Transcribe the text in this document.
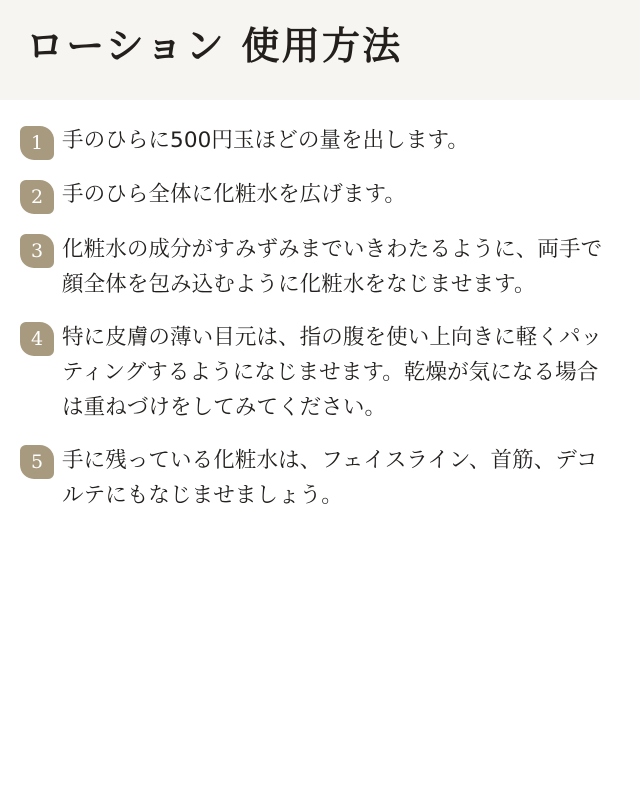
ローション 使用方法
1 手のひらに500円玉ほどの量を出します。
2 手のひら全体に化粧水を広げます。
3 化粧水の成分がすみずみまでいきわたるように、両手で顔全体を包み込むように化粧水をなじませます。
4 特に皮膚の薄い目元は、指の腹を使い上向きに軽くパッティングするようになじませます。乾燥が気になる場合は重ねづけをしてみてください。
5 手に残っている化粧水は、フェイスライン、首筋、デコルテにもなじませましょう。
